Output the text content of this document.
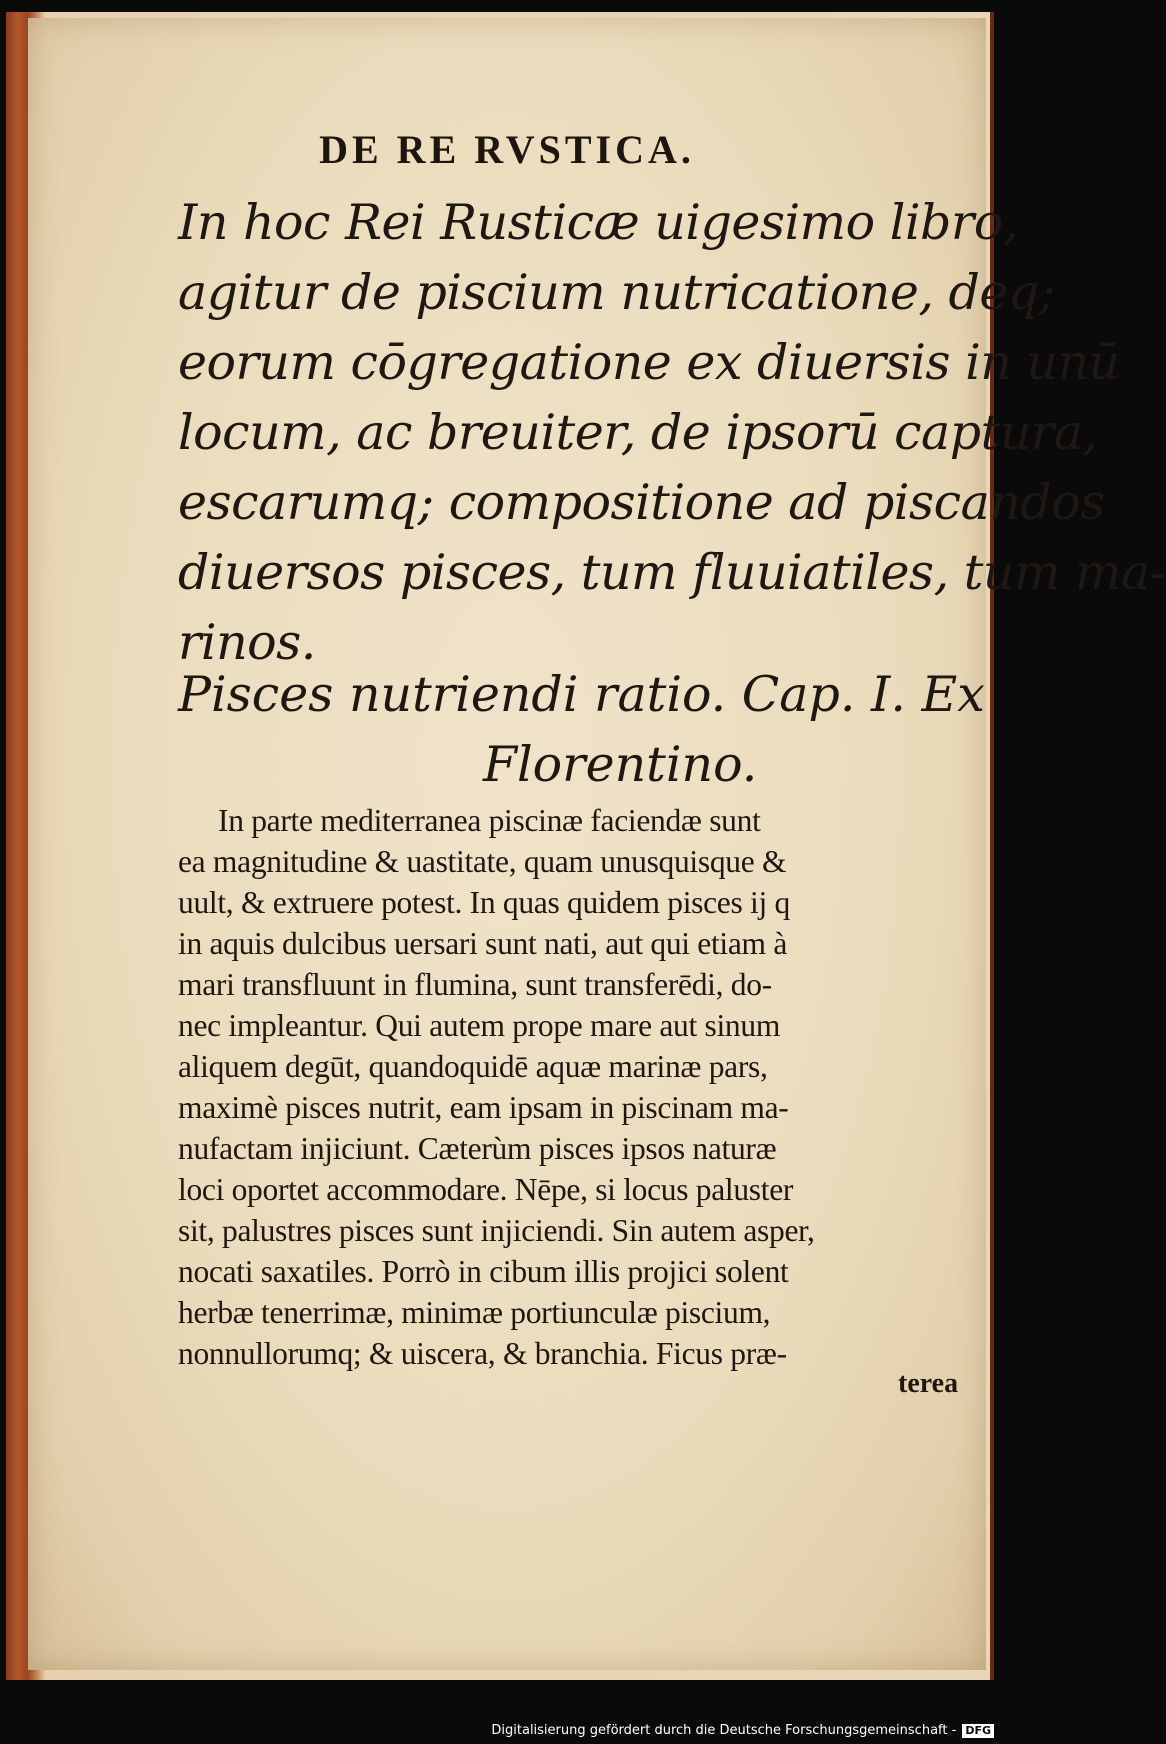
DE RE RVSTICA.
In hoc Rei Rusticæ uigesimo libro,
agitur de piscium nutricatione, deq;
eorum cōgregatione ex diuersis in unū
locum, ac breuiter, de ipsorū captura,
escarumq; compositione ad piscandos
diuersos pisces, tum fluuiatiles, tum ma-
rinos.
Pisces nutriendi ratio. Cap. I. Ex
Florentino.
In parte mediterranea piscinæ faciendæ sunt
ea magnitudine & uastitate, quam unusquisque &
uult, & extruere potest. In quas quidem pisces ij q
in aquis dulcibus uersari sunt nati, aut qui etiam à
mari transfluunt in flumina, sunt transferēdi, do-
nec impleantur. Qui autem prope mare aut sinum
aliquem degūt, quandoquidē aquæ marinæ pars,
maximè pisces nutrit, eam ipsam in piscinam ma-
nufactam injiciunt. Cæterùm pisces ipsos naturæ
loci oportet accommodare. Nēpe, si locus paluster
sit, palustres pisces sunt injiciendi. Sin autem asper,
nocati saxatiles. Porrò in cibum illis projici solent
herbæ tenerrimæ, minimæ portiunculæ piscium,
nonnullorumq; & uiscera, & branchia. Ficus præ-
terea
Digitalisierung gefördert durch die Deutsche Forschungsgemeinschaft - DFG
